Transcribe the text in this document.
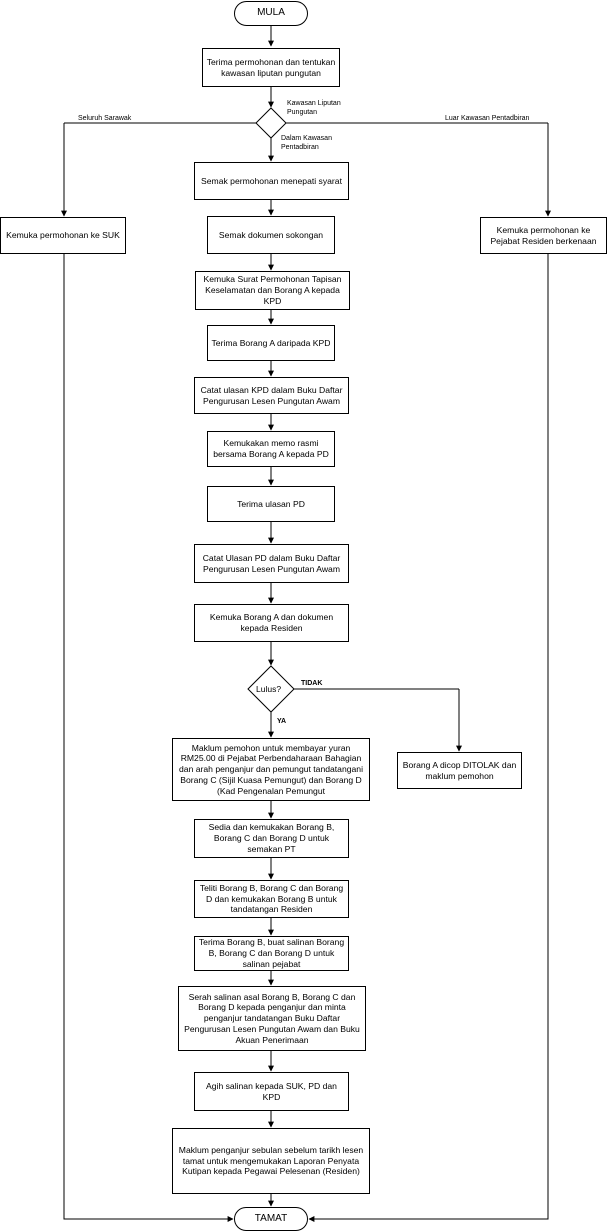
MULA
Terima permohonan dan tentukan kawasan liputan pungutan
Kawasan Liputan Pungutan
Seluruh Sarawak
Dalam Kawasan Pentadbiran
Luar Kawasan Pentadbiran
Semak permohonan menepati syarat
Kemuka permohonan ke SUK	Semak dokumen sokongan	Kemuka permohonan ke Pejabat Residen berkenaan
Kemuka Surat Permohonan Tapisan Keselamatan dan Borang A kepada KPD
Terima Borang A daripada KPD
Catat ulasan KPD dalam Buku Daftar Pengurusan Lesen Pungutan Awam
Kemukakan memo rasmi bersama Borang A kepada PD
Terima ulasan PD
Catat Ulasan PD dalam Buku Daftar Pengurusan Lesen Pungutan Awam
Kemuka Borang A dan dokumen kepada Residen
Lulus?
TIDAK
YA
Maklum pemohon untuk membayar yuran RM25.00 di Pejabat Perbendaharaan Bahagian dan arah penganjur dan pemungut tandatangani Borang C (Sijil Kuasa Pemungut) dan Borang D (Kad Pengenalan Pemungut
Borang A dicop DITOLAK dan maklum pemohon
Sedia dan kemukakan Borang B, Borang C dan Borang D untuk semakan PT
Teliti Borang B, Borang C dan Borang D dan kemukakan Borang B untuk tandatangan Residen
Terima Borang B, buat salinan Borang B, Borang C dan Borang D untuk salinan pejabat
Serah salinan asal Borang B, Borang C dan Borang D kepada penganjur dan minta penganjur tandatangan Buku Daftar Pengurusan Lesen Pungutan Awam dan Buku Akuan Penerimaan
Agih salinan kepada SUK, PD dan KPD
Maklum penganjur sebulan sebelum tarikh lesen tamat untuk mengemukakan Laporan Penyata Kutipan kepada Pegawai Pelesenan (Residen)
TAMAT
